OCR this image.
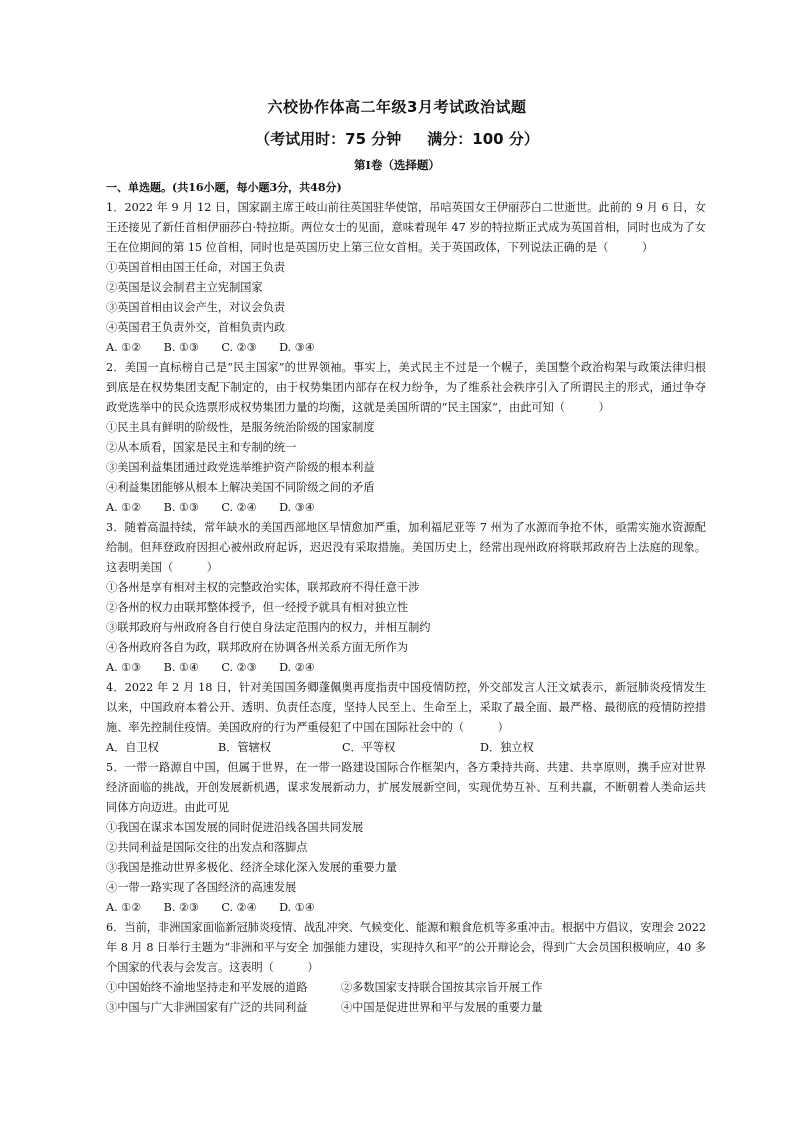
六校协作体高二年级3月考试政治试题
（考试用时：75 分钟 满分：100 分）
第Ⅰ卷（选择题）

一、单选题。(共16小题，每小题3分，共48分)

1．2022 年 9 月 12 日，国家副主席王岐山前往英国驻华使馆，吊唁英国女王伊丽莎白二世逝世。此前的 9 月 6 日，女王还接见了新任首相伊丽莎白·特拉斯。两位女士的见面，意味着现年 47 岁的特拉斯正式成为英国首相，同时也成为了女王在位期间的第 15 位首相，同时也是英国历史上第三位女首相。关于英国政体，下列说法正确的是（　　　）

①英国首相由国王任命，对国王负责

②英国是议会制君主立宪制国家

③英国首相由议会产生，对议会负责

④英国君王负责外交，首相负责内政

A. ①②　　B. ①③　　C. ②③　　D. ③④

2．美国一直标榜自己是“民主国家”的世界领袖。事实上，美式民主不过是一个幌子，美国整个政治构架与政策法律归根到底是在权势集团支配下制定的，由于权势集团内部存在权力纷争，为了维系社会秩序引入了所谓民主的形式，通过争夺政党选举中的民众选票形成权势集团力量的均衡，这就是美国所谓的“民主国家”，由此可知（　　　）

①民主具有鲜明的阶级性，是服务统治阶级的国家制度

②从本质看，国家是民主和专制的统一

③美国利益集团通过政党选举维护资产阶级的根本利益

④利益集团能够从根本上解决美国不同阶级之间的矛盾

A. ①②　　B. ①③　　C. ②④　　D. ③④

3．随着高温持续，常年缺水的美国西部地区旱情愈加严重，加利福尼亚等 7 州为了水源而争抢不休，亟需实施水资源配给制。但拜登政府因担心被州政府起诉，迟迟没有采取措施。美国历史上，经常出现州政府将联邦政府告上法庭的现象。这表明美国（　　　）

①各州是享有相对主权的完整政治实体，联邦政府不得任意干涉

②各州的权力由联邦整体授予，但一经授予就具有相对独立性

③联邦政府与州政府各自行使自身法定范围内的权力，并相互制约

④各州政府各自为政，联邦政府在协调各州关系方面无所作为

A. ①③　　B. ①④　　C. ②③　　D. ②④

4．2022 年 2 月 18 日，针对美国国务卿蓬佩奥再度指责中国疫情防控，外交部发言人汪文斌表示，新冠肺炎疫情发生以来，中国政府本着公开、透明、负责任态度，坚持人民至上、生命至上，采取了最全面、最严格、最彻底的疫情防控措施、率先控制住疫情。美国政府的行为严重侵犯了中国在国际社会中的（　　　）

A．自卫权	B．管辖权	C．平等权	D．独立权

5．一带一路源自中国，但属于世界，在一带一路建设国际合作框架内，各方秉持共商、共建、共享原则，携手应对世界经济面临的挑战，开创发展新机遇，谋求发展新动力，扩展发展新空间，实现优势互补、互利共赢，不断朝着人类命运共同体方向迈进。由此可见

①我国在谋求本国发展的同时促进沿线各国共同发展

②共同利益是国际交往的出发点和落脚点

③我国是推动世界多极化、经济全球化深入发展的重要力量

④一带一路实现了各国经济的高速发展

A. ①②　　B. ②③　　C. ②④　　D. ①④

6．当前，非洲国家面临新冠肺炎疫情、战乱冲突、气候变化、能源和粮食危机等多重冲击。根据中方倡议，安理会 2022 年 8 月 8 日举行主题为“非洲和平与安全 加强能力建设，实现持久和平”的公开辩论会，得到广大会员国积极响应，40 多个国家的代表与会发言。这表明（　　　）

①中国始终不渝地坚持走和平发展的道路	②多数国家支持联合国按其宗旨开展工作
③中国与广大非洲国家有广泛的共同利益	④中国是促进世界和平与发展的重要力量
